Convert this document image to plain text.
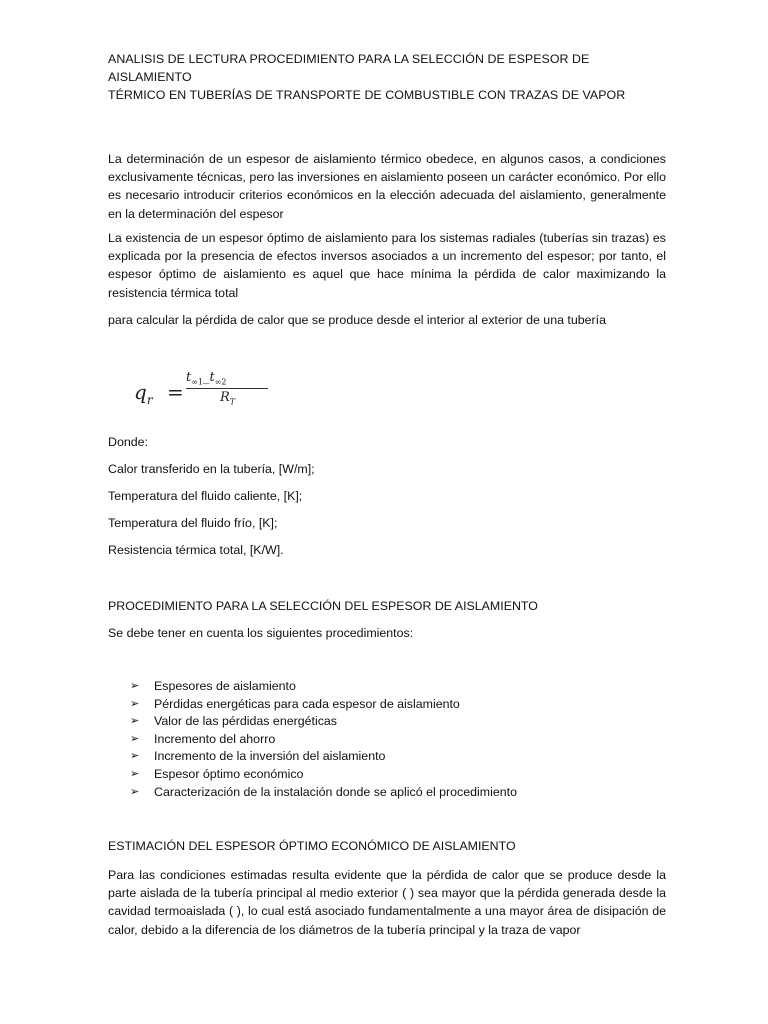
ANALISIS DE LECTURA PROCEDIMIENTO PARA LA SELECCIÓN DE ESPESOR DE AISLAMIENTO
TÉRMICO EN TUBERÍAS DE TRANSPORTE DE COMBUSTIBLE CON TRAZAS DE VAPOR
La determinación de un espesor de aislamiento térmico obedece, en algunos casos, a condiciones exclusivamente técnicas, pero las inversiones en aislamiento poseen un carácter económico. Por ello es necesario introducir criterios económicos en la elección adecuada del aislamiento, generalmente en la determinación del espesor
La existencia de un espesor óptimo de aislamiento para los sistemas radiales (tuberías sin trazas) es explicada por la presencia de efectos inversos asociados a un incremento del espesor; por tanto, el espesor óptimo de aislamiento es aquel que hace mínima la pérdida de calor maximizando la resistencia térmica total
para calcular la pérdida de calor que se produce desde el interior al exterior de una tubería
$q_r$ =
$t_{\infty 1}\_t_{\infty 2}$
$R_T$
Donde:
Calor transferido en la tubería, [W/m];
Temperatura del fluido caliente, [K];
Temperatura del fluido frío, [K];
Resistencia térmica total, [K/W].
PROCEDIMIENTO PARA LA SELECCIÓN DEL ESPESOR DE AISLAMIENTO
Se debe tener en cuenta los siguientes procedimientos:
➢ Espesores de aislamiento
➢ Pérdidas energéticas para cada espesor de aislamiento
➢ Valor de las pérdidas energéticas
➢ Incremento del ahorro
➢ Incremento de la inversión del aislamiento
➢ Espesor óptimo económico
➢ Caracterización de la instalación donde se aplicó el procedimiento
ESTIMACIÓN DEL ESPESOR ÓPTIMO ECONÓMICO DE AISLAMIENTO
Para las condiciones estimadas resulta evidente que la pérdida de calor que se produce desde la parte aislada de la tubería principal al medio exterior ( ) sea mayor que la pérdida generada desde la cavidad termoaislada ( ), lo cual está asociado fundamentalmente a una mayor área de disipación de calor, debido a la diferencia de los diámetros de la tubería principal y la traza de vapor
